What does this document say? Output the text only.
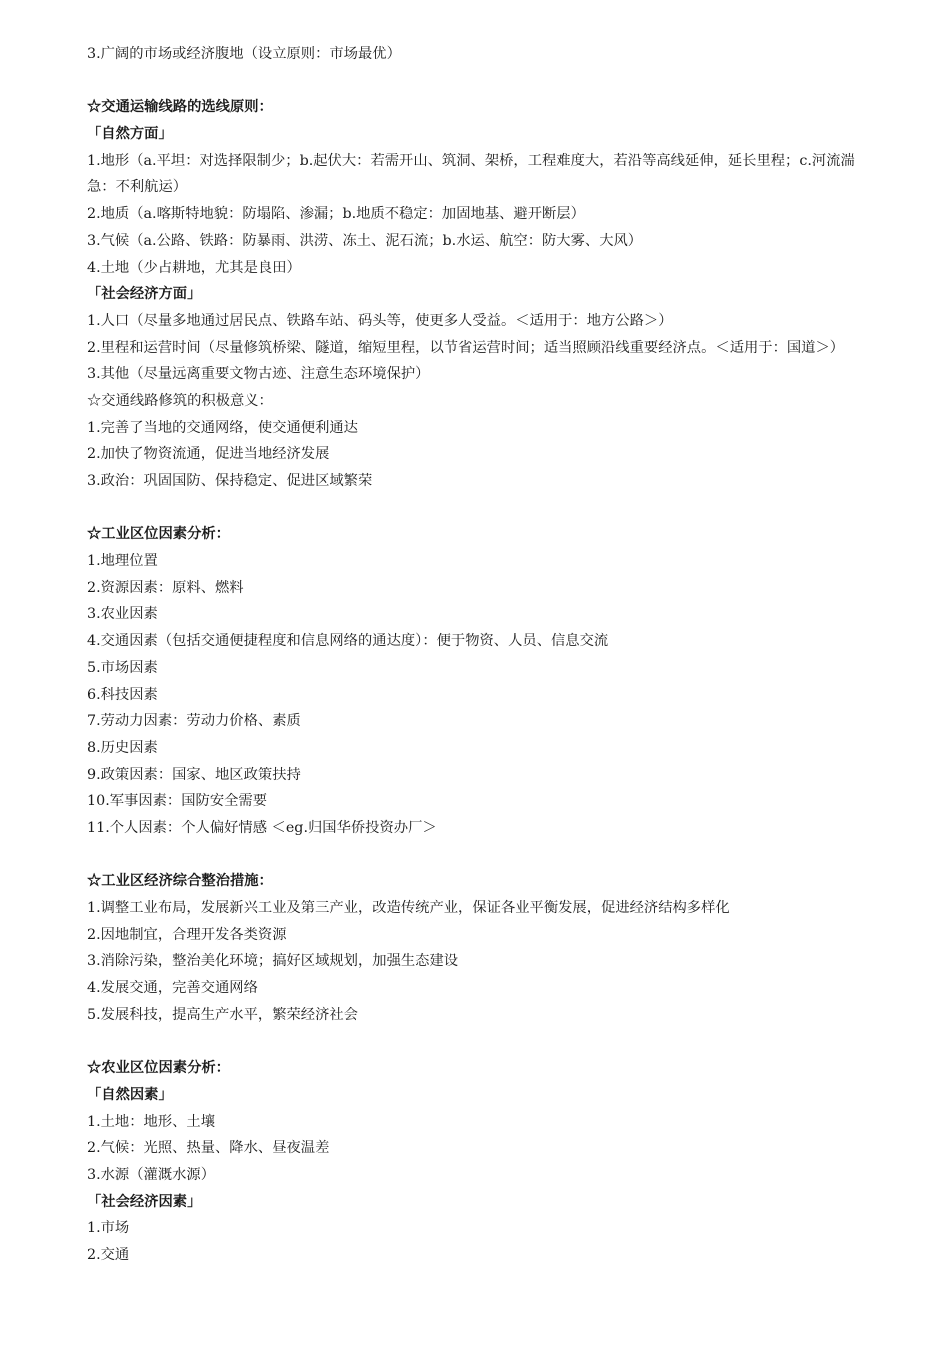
3.广阔的市场或经济腹地（设立原则：市场最优）
☆交通运输线路的选线原则：
「自然方面」
1.地形（a.平坦：对选择限制少；b.起伏大：若需开山、筑洞、架桥，工程难度大，若沿等高线延伸，延长里程；c.河流湍急：不利航运）
2.地质（a.喀斯特地貌：防塌陷、渗漏；b.地质不稳定：加固地基、避开断层）
3.气候（a.公路、铁路：防暴雨、洪涝、冻土、泥石流；b.水运、航空：防大雾、大风）
4.土地（少占耕地，尤其是良田）
「社会经济方面」
1.人口（尽量多地通过居民点、铁路车站、码头等，使更多人受益。＜适用于：地方公路＞）
2.里程和运营时间（尽量修筑桥梁、隧道，缩短里程，以节省运营时间；适当照顾沿线重要经济点。＜适用于：国道＞）
3.其他（尽量远离重要文物古迹、注意生态环境保护）
☆交通线路修筑的积极意义：
1.完善了当地的交通网络，使交通便利通达
2.加快了物资流通，促进当地经济发展
3.政治：巩固国防、保持稳定、促进区域繁荣
☆工业区位因素分析：
1.地理位置
2.资源因素：原料、燃料
3.农业因素
4.交通因素（包括交通便捷程度和信息网络的通达度）：便于物资、人员、信息交流
5.市场因素
6.科技因素
7.劳动力因素：劳动力价格、素质
8.历史因素
9.政策因素：国家、地区政策扶持
10.军事因素：国防安全需要
11.个人因素：个人偏好情感 ＜eg.归国华侨投资办厂＞
☆工业区经济综合整治措施：
1.调整工业布局，发展新兴工业及第三产业，改造传统产业，保证各业平衡发展，促进经济结构多样化
2.因地制宜，合理开发各类资源
3.消除污染，整治美化环境；搞好区域规划，加强生态建设
4.发展交通，完善交通网络
5.发展科技，提高生产水平，繁荣经济社会
☆农业区位因素分析：
「自然因素」
1.土地：地形、土壤
2.气候：光照、热量、降水、昼夜温差
3.水源（灌溉水源）
「社会经济因素」
1.市场
2.交通
